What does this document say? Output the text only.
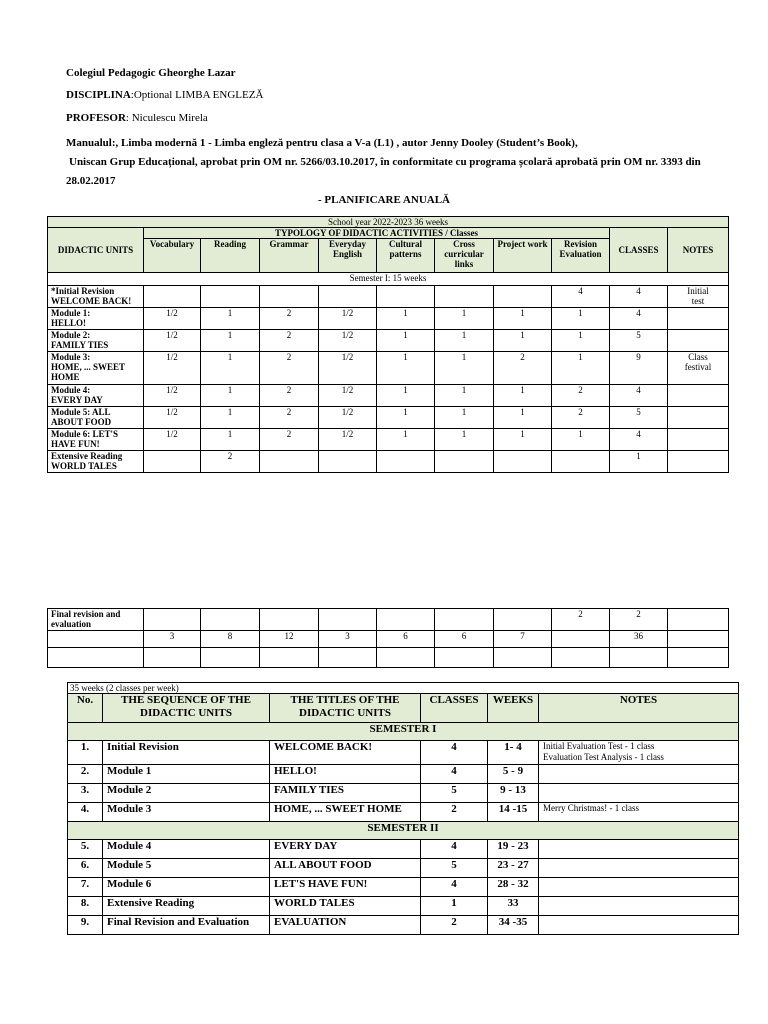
Colegiul Pedagogic Gheorghe Lazar
DISCIPLINA:Optional LIMBA ENGLEZĂ
PROFESOR: Niculescu Mirela
Manualul:, Limba modernă 1 - Limba engleză pentru clasa a V-a (L1) , autor Jenny Dooley (Student’s Book),
Uniscan Grup Educațional, aprobat prin OM nr. 5266/03.10.2017, în conformitate cu programa școlară aprobată prin OM nr. 3393 din
28.02.2017
- PLANIFICARE ANUALĂ
School year 2022-2023 36 weeks										
DIDACTIC UNITS	TYPOLOGY OF DIDACTIC ACTIVITIES / Classes								CLASSES	NOTES
	Vocabulary	Reading	Grammar	Everyday English	Cultural patterns	Cross curricular links	Project work	Revision Evaluation		
Semester I: 15 weeks										

*Initial Revision
WELCOME BACK!								4	4	Initial test

Module 1:
HELLO!	1/2	1	2	1/2	1	1	1	1	4	

Module 2:
FAMILY TIES	1/2	1	2	1/2	1	1	1	1	5	

Module 3:
HOME, ... SWEET HOME	1/2	1	2	1/2	1	1	2	1	9	Class festival

Module 4:
EVERY DAY	1/2	1	2	1/2	1	1	1	2	4	

Module 5: ALL
ABOUT FOOD	1/2	1	2	1/2	1	1	1	2	5	

Module 6: LET'S
HAVE FUN!	1/2	1	2	1/2	1	1	1	1	4	

Extensive Reading
WORLD TALES		2							1	
Final revision and
evaluation								2	2	
	3	8	12	3	6	6	7		36	

35 weeks (2 classes per week)					
No.	THE SEQUENCE OF THE DIDACTIC UNITS	THE TITLES OF THE DIDACTIC UNITS	CLASSES	WEEKS	NOTES
SEMESTER I					
1.	Initial Revision	WELCOME BACK!	4	1- 4	Initial Evaluation Test - 1 class
Evaluation Test Analysis - 1 class

2.	Module 1	HELLO!	4	5 - 9	

3.	Module 2	FAMILY TIES	5	9 - 13	

4.	Module 3	HOME, ... SWEET HOME	2	14 -15	Merry Christmas! - 1 class

SEMESTER II					
5.	Module 4	EVERY DAY	4	19 - 23	

6.	Module 5	ALL ABOUT FOOD	5	23 - 27	

7.	Module 6	LET'S HAVE FUN!	4	28 - 32	

8.	Extensive Reading	WORLD TALES	1	33	

9.	Final Revision and Evaluation	EVALUATION	2	34 -35	
